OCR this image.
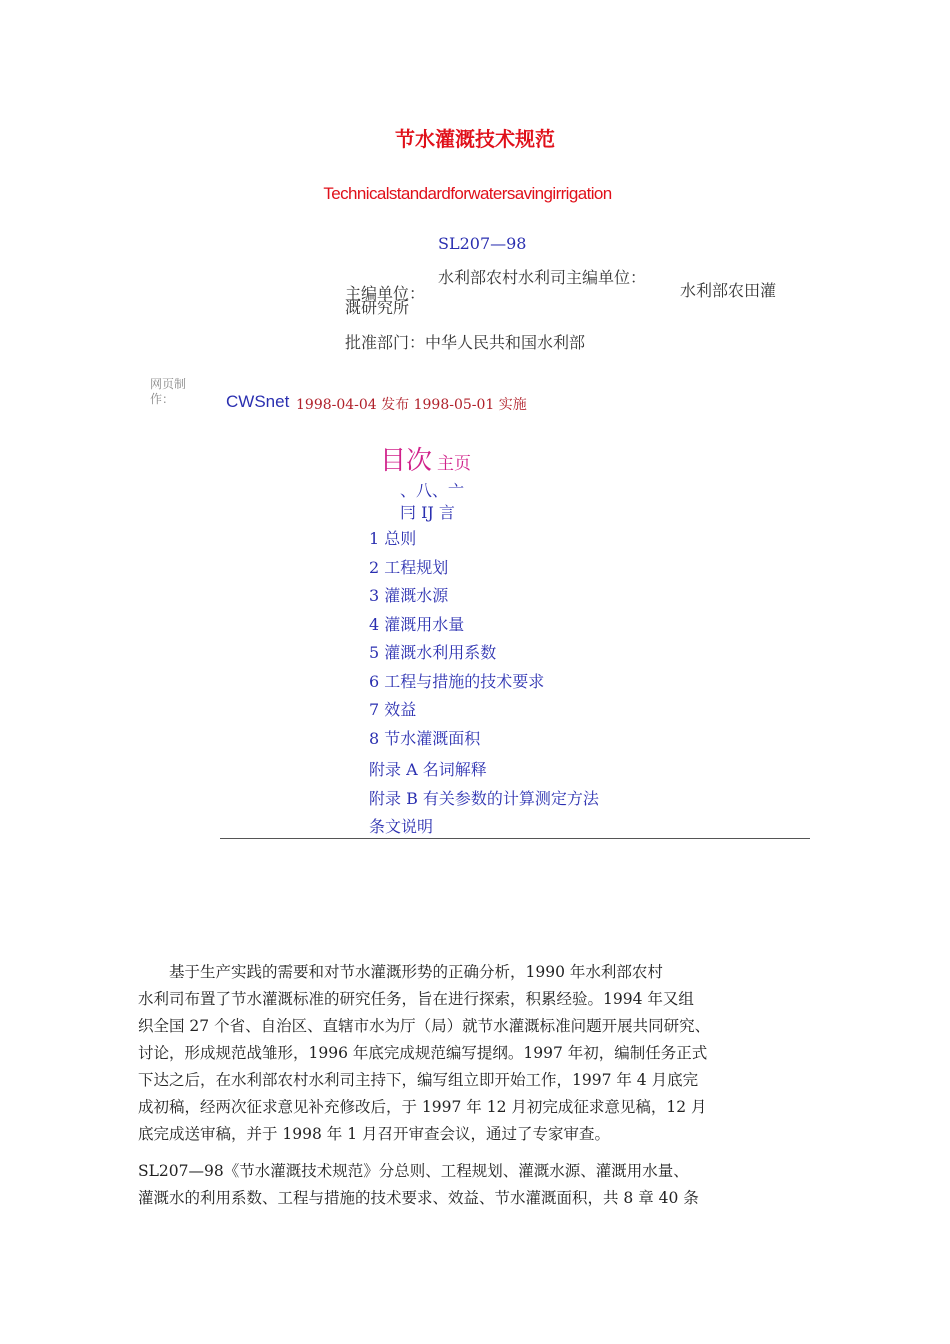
节水灌溉技术规范
Technicalstandardforwatersavingirrigation
SL207—98
水利部农村水利司主编单位：
主编单位：	水利部农田灌
溉研究所
批准部门：中华人民共和国水利部
网页制作：	CWSnet 1998-04-04 发布 1998-05-01 实施
目次 主页
、八、亠
冃 IJ 言
1 总则
2 工程规划
3 灌溉水源
4 灌溉用水量
5 灌溉水利用系数
6 工程与措施的技术要求
7 效益
8 节水灌溉面积
附录 A 名词解释
附录 B 有关参数的计算测定方法
条文说明
　　基于生产实践的需要和对节水灌溉形势的正确分析，1990 年水利部农村
水利司布置了节水灌溉标准的研究任务，旨在进行探索，积累经验。1994 年又组
织全国 27 个省、自治区、直辖市水为厅（局）就节水灌溉标准问题开展共同研究、
讨论，形成规范战雏形，1996 年底完成规范编写提纲。1997 年初，编制任务正式
下达之后，在水利部农村水利司主持下，编写组立即开始工作，1997 年 4 月底完
成初稿，经两次征求意见补充修改后，于 1997 年 12 月初完成征求意见稿，12 月
底完成送审稿，并于 1998 年 1 月召开审查会议，通过了专家审查。
SL207—98《节水灌溉技术规范》分总则、工程规划、灌溉水源、灌溉用水量、
灌溉水的利用系数、工程与措施的技术要求、效益、节水灌溉面积，共 8 章 40 条
